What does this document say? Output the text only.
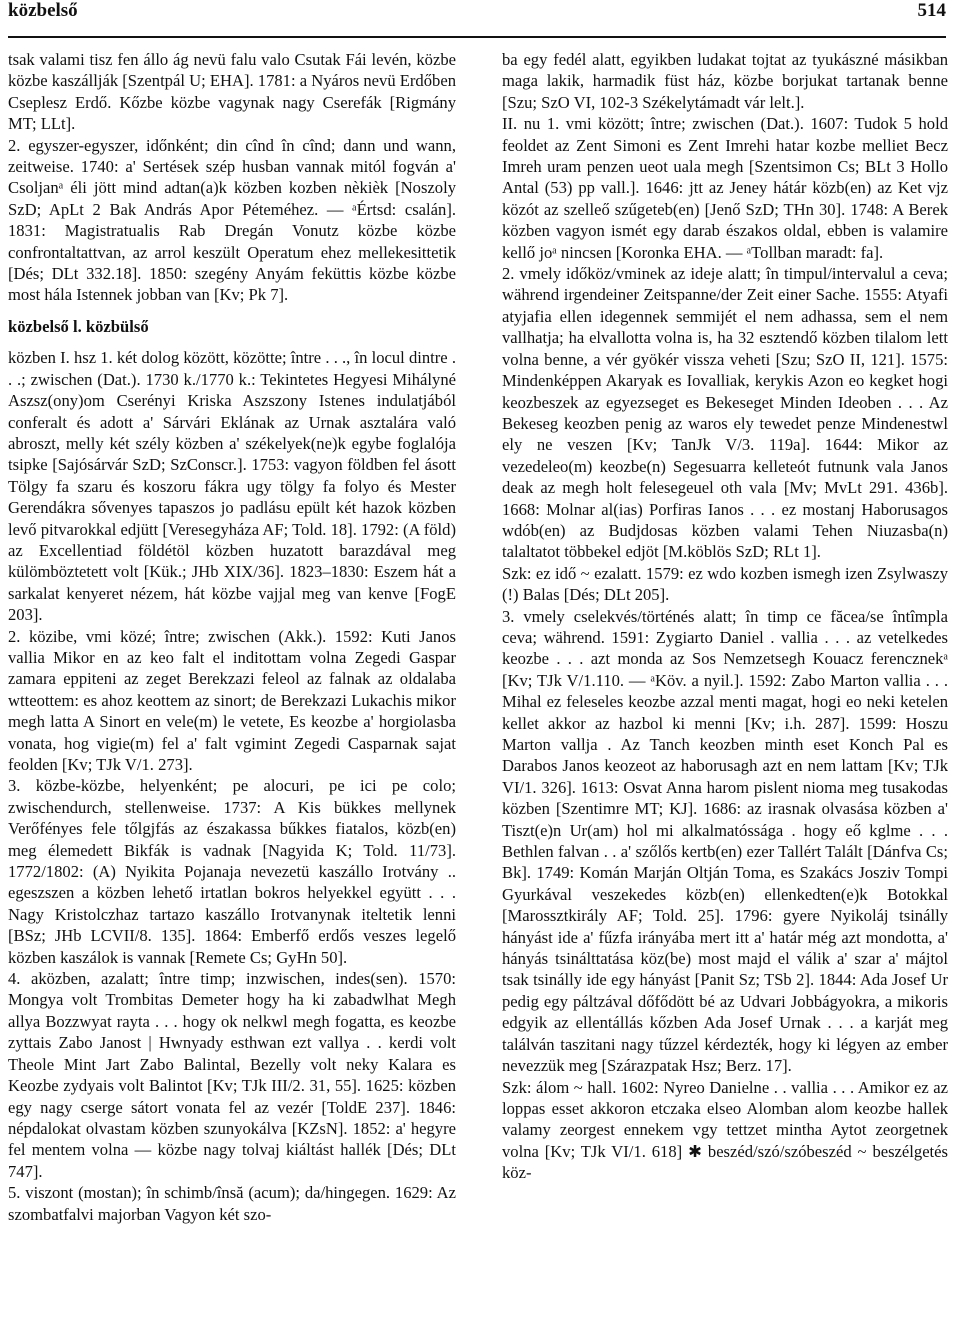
közbelső	514

tsak valami tisz fen állo ág nevü falu valo Csutak Fái levén, közbe közbe kaszállják [Szentpál U; EHA]. 1781: a Nyáros nevü Erdőben Cseplesz Erdő. Kőzbe közbe vagynak nagy Cserefák [Rigmány MT; LLt].

2. egyszer-egyszer, időnként; din cînd în cînd; dann und wann, zeitweise. 1740: a' Sertések szép husban vannak mitól fogván a' Csoljanᵃ éli jött mind adtan(a)k közben kozben nèkièk [Noszoly SzD; ApLt 2 Bak András Apor Péteméhez. — ᵃÉrtsd: csalán]. 1831: Magistratualis Rab Dregán Vonutz közbe közbe confrontaltattvan, az arrol keszült Operatum ehez mellekesittetik [Dés; DLt 332.18]. 1850: szegény Anyám feküttis közbe közbe most hála Istennek jobban van [Kv; Pk 7].

közbelső l. közbülső

közben I. hsz 1. két dolog között, közötte; între . . ., în locul dintre . . .; zwischen (Dat.). 1730 k./1770 k.: Tekintetes Hegyesi Mihályné Aszsz(ony)om Cserényi Kriska Aszszony Istenes indulatjából conferalt és adott a' Sárvári Eklának az Urnak asztalára való abroszt, melly két szély közben a' székelyek(ne)k egybe foglalója tsipke [Sajósárvár SzD; SzConscr.]. 1753: vagyon földben fel ásott Tölgy fa szaru és koszoru fákra ugy tölgy fa folyo és Mester Gerendákra sővenyes tapaszos jo padlásu epült két hazok közben levő pitvarokkal edjütt [Veresegyháza AF; Told. 18]. 1792: (A föld) az Excellentiad földétöl közben huzatott barazdával meg külömböztetett volt [Kük.; JHb XIX/36]. 1823–1830: Eszem hát a sarkalat kenyeret nézem, hát közbe vajjal meg van kenve [FogE 203].

2. közibe, vmi közé; între; zwischen (Akk.). 1592: Kuti Janos vallia Mikor en az keo falt el inditottam volna Zegedi Gaspar zamara eppiteni az zeget Berekzazi feleol az falnak az oldalaba wtteottem: es ahoz keottem az sinort; de Berekzazi Lukachis mikor megh latta A Sinort en vele(m) le vetete, Es keozbe a' horgiolasba vonata, hog vigie(m) fel a' falt vgimint Zegedi Casparnak sajat feolden [Kv; TJk V/1. 273].

3. közbe-közbe, helyenként; pe alocuri, pe ici pe colo; zwischendurch, stellenweise. 1737: A Kis bükkes mellynek Verőfényes fele tőlgjfás az északassa bűkkes fiatalos, közb(en) meg élemedett Bikfák is vadnak [Nagyida K; Told. 11/73]. 1772/1802: (A) Nyikita Pojanaja nevezetü kaszállo Irotvány .. egeszszen a közben lehető irtatlan bokros helyekkel együtt . . . Nagy Kristolczhaz tartazo kaszállo Irotvanynak iteltetik lenni [BSz; JHb LCVII/8. 135]. 1864: Emberfő erdős veszes legelő közben kaszálok is vannak [Remete Cs; GyHn 50].

4. aközben, azalatt; între timp; inzwischen, indes(sen). 1570: Mongya volt Trombitas Demeter hogy ha ki zabadwlhat Megh allya Bozzwyat rayta . . . hogy ok nelkwl megh fogatta, es keozbe zyttais Zabo Janost | Hwnyady esthwan ezt vallya . . kerdi volt Theole Mint Jart Zabo Balintal, Bezelly volt neky Kalara es Keozbe zydyais volt Balintot [Kv; TJk III/2. 31, 55]. 1625: közben egy nagy cserge sátort vonata fel az vezér [ToldE 237]. 1846: népdalokat olvastam közben szunyokálva [KZsN]. 1852: a' hegyre fel mentem volna — közbe nagy tolvaj kiáltást hallék [Dés; DLt 747].

5. viszont (mostan); în schimb/însă (acum); da/hingegen. 1629: Az szombatfalvi majorban Vagyon két szo-

ba egy fedél alatt, egyikben ludakat tojtat az tyukászné másikban maga lakik, harmadik füst ház, közbe borjukat tartanak benne [Szu; SzO VI, 102-3 Székelytámadt vár lelt.].

II. nu 1. vmi között; între; zwischen (Dat.). 1607: Tudok 5 hold feoldet az Zent Simoni es Zent Imrehi hatar kozbe melliet Becz Imreh uram penzen ueot uala megh [Szentsimon Cs; BLt 3 Hollo Antal (53) pp vall.]. 1646: jtt az Jeney hátár közb(en) az Ket vjz közót az szelleő szűgeteb(en) [Jenő SzD; THn 30]. 1748: A Berek közben vagyon ismét egy darab északos oldal, ebben is valamire kellő joᵃ nincsen [Koronka EHA. — ᵃTollban maradt: fa].

2. vmely időköz/vminek az ideje alatt; în timpul/intervalul a ceva; während irgendeiner Zeitspanne/der Zeit einer Sache. 1555: Atyafi atyjafia ellen idegennek semmijét el nem adhassa, sem el nem vallhatja; ha elvallotta volna is, ha 32 esztendő közben tilalom lett volna benne, a vér gyökér vissza veheti [Szu; SzO II, 121]. 1575: Mindenképpen Akaryak es Iovalliak, kerykis Azon eo kegket hogi keozbeszek az egyezseget es Bekeseget Minden Ideoben . . . Az Bekeseg keozben penig az waros ely tewedet penze Mindenestwl ely ne veszen [Kv; TanJk V/3. 119a]. 1644: Mikor az vezedeleo(m) keozbe(n) Segesuarra kelleteót futnunk vala Janos deak az megh holt felesegeuel oth vala [Mv; MvLt 291. 436b]. 1668: Molnar al(ias) Porfiras Ianos . . . ez mostanj Haborusagos wdób(en) az Budjdosas közben valami Tehen Niuzasba(n) talaltatot többekel edjöt [M.köblös SzD; RLt 1].

Szk: ez idő ~ ezalatt. 1579: ez wdo kozben ismegh izen Zsylwaszy (!) Balas [Dés; DLt 205].

3. vmely cselekvés/történés alatt; în timp ce făcea/se întîmpla ceva; während. 1591: Zygiarto Daniel . vallia . . . az vetelkedes keozbe . . . azt monda az Sos Nemzetsegh Kouacz ferencznekᵃ [Kv; TJk V/1.110. — ᵃKöv. a nyil.]. 1592: Zabo Marton vallia . . . Mihal ez feleseles keozbe azzal menti magat, hogi eo neki ketelen kellet akkor az hazbol ki menni [Kv; i.h. 287]. 1599: Hoszu Marton vallja . Az Tanch keozben minth eset Konch Pal es Darabos Janos keozeot az haborusagh azt en nem lattam [Kv; TJk VI/1. 326]. 1613: Osvat Anna harom pislent nioma meg tusakodas közben [Szentimre MT; KJ]. 1686: az irasnak olvasása közben a' Tiszt(e)n Ur(am) hol mi alkalmatóssága . hogy eő kglme . . . Bethlen falvan . . a' szőlős kertb(en) ezer Tallért Talált [Dánfva Cs; Bk]. 1749: Komán Marján Oltján Toma, es Szakács Josziv Tompi Gyurkával veszekedes közb(en) ellenkedten(e)k Botokkal [Marossztkirály AF; Told. 25]. 1796: gyere Nyikoláj tsinálly hányást ide a' fűzfa irányába mert itt a' határ még azt mondotta, a' hányás tsinálttatása köz(be) most majd el válik a' szar a' májtol tsak tsinálly ide egy hányást [Panit Sz; TSb 2]. 1844: Ada Josef Ur pedig egy páltzával dőfődött bé az Udvari Jobbágyokra, a mikoris edgyik az ellentállás kőzben Ada Josef Urnak . . . a karját meg találván taszitani nagy tűzzel kérdezték, hogy ki légyen az ember nevezzük meg [Szárazpatak Hsz; Berz. 17].

Szk: álom ~ hall. 1602: Nyreo Danielne . . vallia . . . Amikor ez az loppas esset akkoron etczaka elseo Alomban alom keozbe hallek valamy zeorgest ennekem vgy tettzet mintha Aytot zeorgetnek volna [Kv; TJk VI/1. 618] ✱ beszéd/szó/szóbeszéd ~ beszélgetés köz-
